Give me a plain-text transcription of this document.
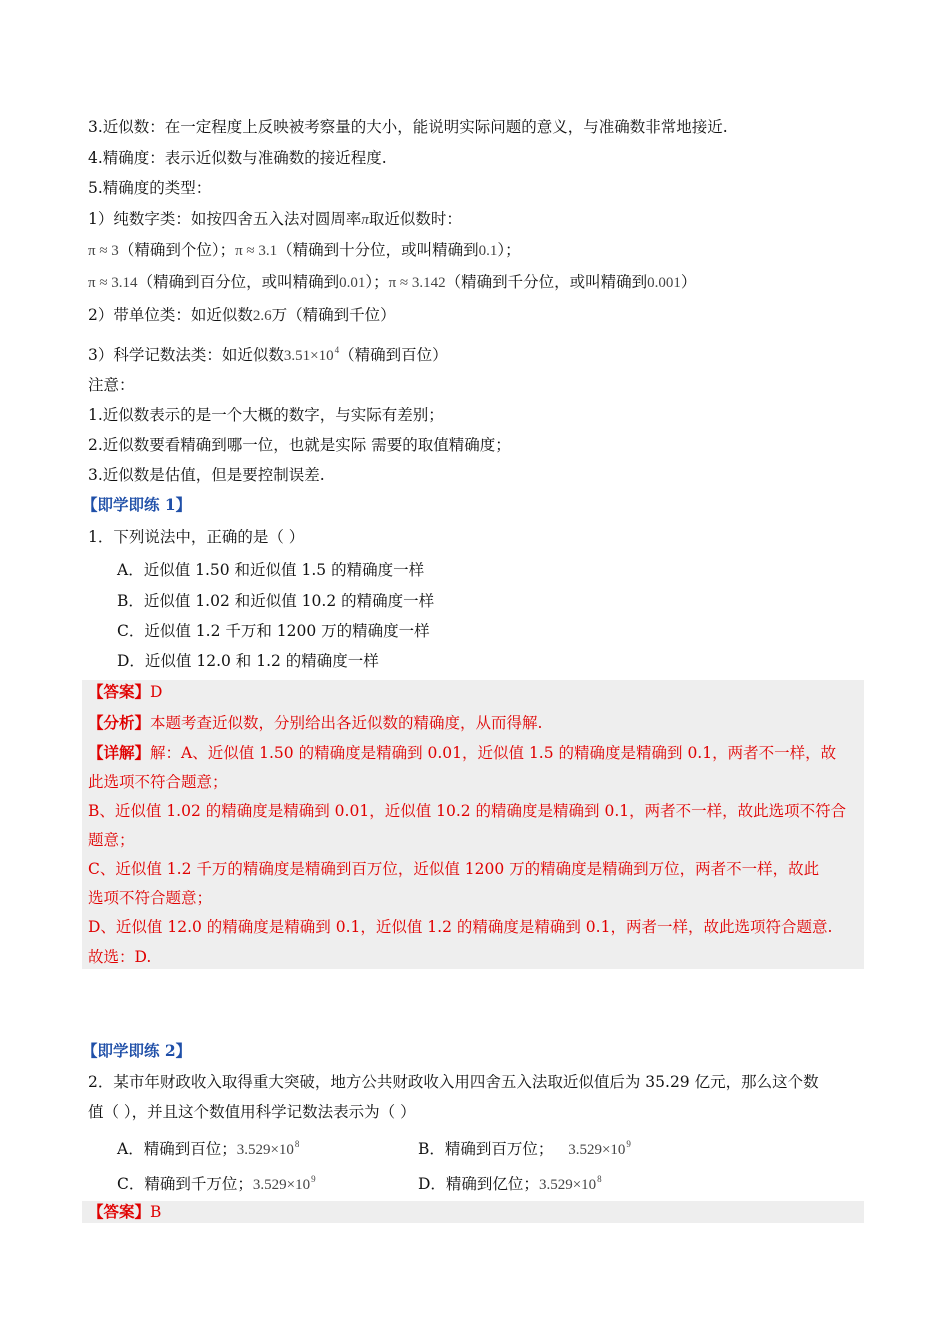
3.近似数：在一定程度上反映被考察量的大小，能说明实际问题的意义，与准确数非常地接近.
4.精确度：表示近似数与准确数的接近程度.
5.精确度的类型：
1）纯数字类：如按四舍五入法对圆周率π取近似数时：
π ≈ 3（精确到个位）；π ≈ 3.1（精确到十分位，或叫精确到0.1）；
π ≈ 3.14（精确到百分位，或叫精确到0.01）；π ≈ 3.142（精确到千分位，或叫精确到0.001）
2）带单位类：如近似数2.6万（精确到千位）
3）科学记数法类：如近似数$3.51\times 10^4$（精确到百位）
注意：
1.近似数表示的是一个大概的数字，与实际有差别；
2.近似数要看精确到哪一位，也就是实际 需要的取值精确度；
3.近似数是估值，但是要控制误差.
【即学即练 1】
1．下列说法中，正确的是（ ）
A．近似值 1.50 和近似值 1.5 的精确度一样
B．近似值 1.02 和近似值 10.2 的精确度一样
C．近似值 1.2 千万和 1200 万的精确度一样
D．近似值 12.0 和 1.2 的精确度一样
【答案】D
【分析】本题考查近似数，分别给出各近似数的精确度，从而得解.
【详解】解：A、近似值 1.50 的精确度是精确到 0.01，近似值 1.5 的精确度是精确到 0.1，两者不一样，故
此选项不符合题意；
B、近似值 1.02 的精确度是精确到 0.01，近似值 10.2 的精确度是精确到 0.1，两者不一样，故此选项不符合
题意；
C、近似值 1.2 千万的精确度是精确到百万位，近似值 1200 万的精确度是精确到万位，两者不一样，故此
选项不符合题意；
D、近似值 12.0 的精确度是精确到 0.1，近似值 1.2 的精确度是精确到 0.1，两者一样，故此选项符合题意.
故选：D.
【即学即练 2】
2．某市年财政收入取得重大突破，地方公共财政收入用四舍五入法取近似值后为 35.29 亿元，那么这个数
值（ ），并且这个数值用科学记数法表示为（ ）
A．精确到百位；$3.529\times 10^8$	B．精确到百万位； $3.529\times 10^9$
C．精确到千万位；$3.529\times 10^9$	D．精确到亿位；$3.529\times 10^8$
【答案】B
